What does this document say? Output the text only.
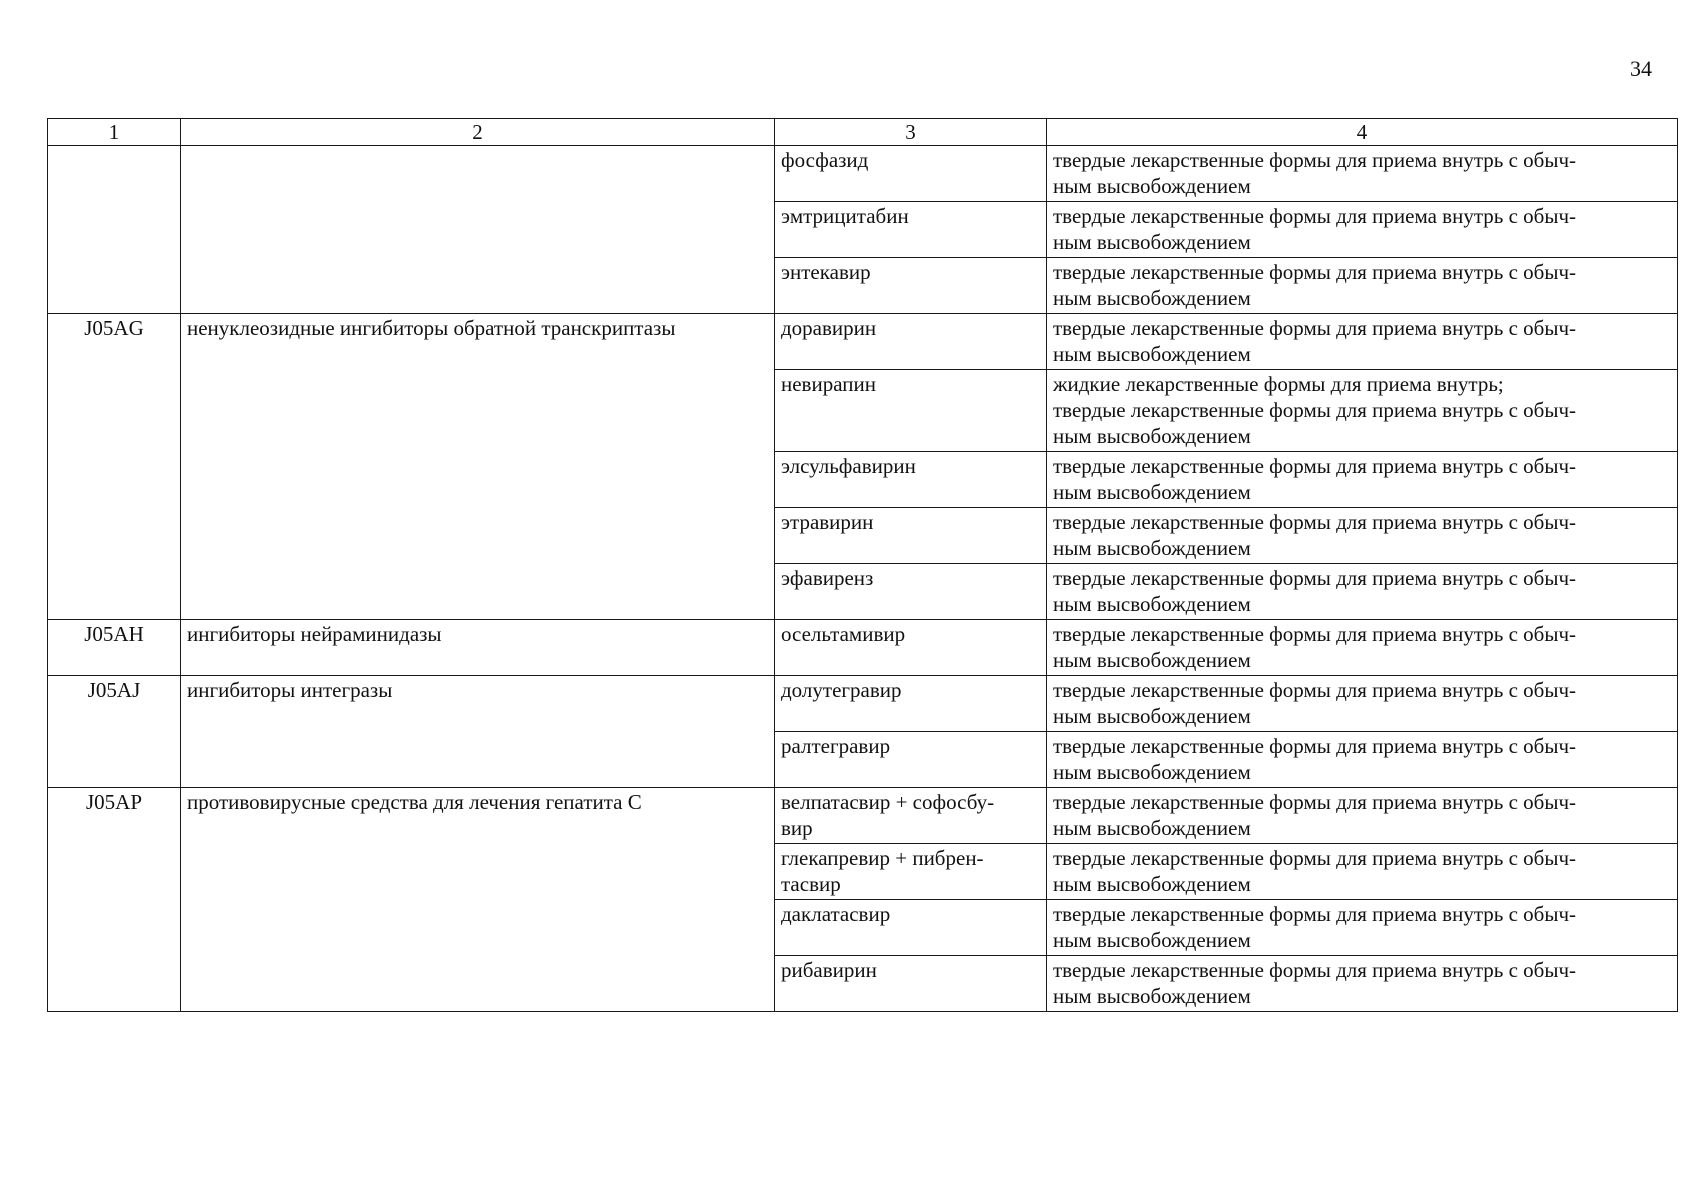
34
1	2	3	4
		фосфазид	твердые лекарственные формы для приема внутрь с обыч-
ным высвобождением

		эмтрицитабин	твердые лекарственные формы для приема внутрь с обыч-
ным высвобождением

		энтекавир	твердые лекарственные формы для приема внутрь с обыч-
ным высвобождением

J05AG	ненуклеозидные ингибиторы обратной транскриптазы	доравирин	твердые лекарственные формы для приема внутрь с обыч-
ным высвобождением

		невирапин	жидкие лекарственные формы для приема внутрь;
твердые лекарственные формы для приема внутрь с обыч-
ным высвобождением

		элсульфавирин	твердые лекарственные формы для приема внутрь с обыч-
ным высвобождением

		этравирин	твердые лекарственные формы для приема внутрь с обыч-
ным высвобождением

		эфавиренз	твердые лекарственные формы для приема внутрь с обыч-
ным высвобождением

J05AH	ингибиторы нейраминидазы	осельтамивир	твердые лекарственные формы для приема внутрь с обыч-
ным высвобождением

J05AJ	ингибиторы интегразы	долутегравир	твердые лекарственные формы для приема внутрь с обыч-
ным высвобождением

		ралтегравир	твердые лекарственные формы для приема внутрь с обыч-
ным высвобождением

J05AP	противовирусные средства для лечения гепатита С	велпатасвир + софосбу-
вир	твердые лекарственные формы для приема внутрь с обыч-
ным высвобождением

		глекапревир + пибрен-
тасвир	твердые лекарственные формы для приема внутрь с обыч-
ным высвобождением

		даклатасвир	твердые лекарственные формы для приема внутрь с обыч-
ным высвобождением

		рибавирин	твердые лекарственные формы для приема внутрь с обыч-
ным высвобождением
